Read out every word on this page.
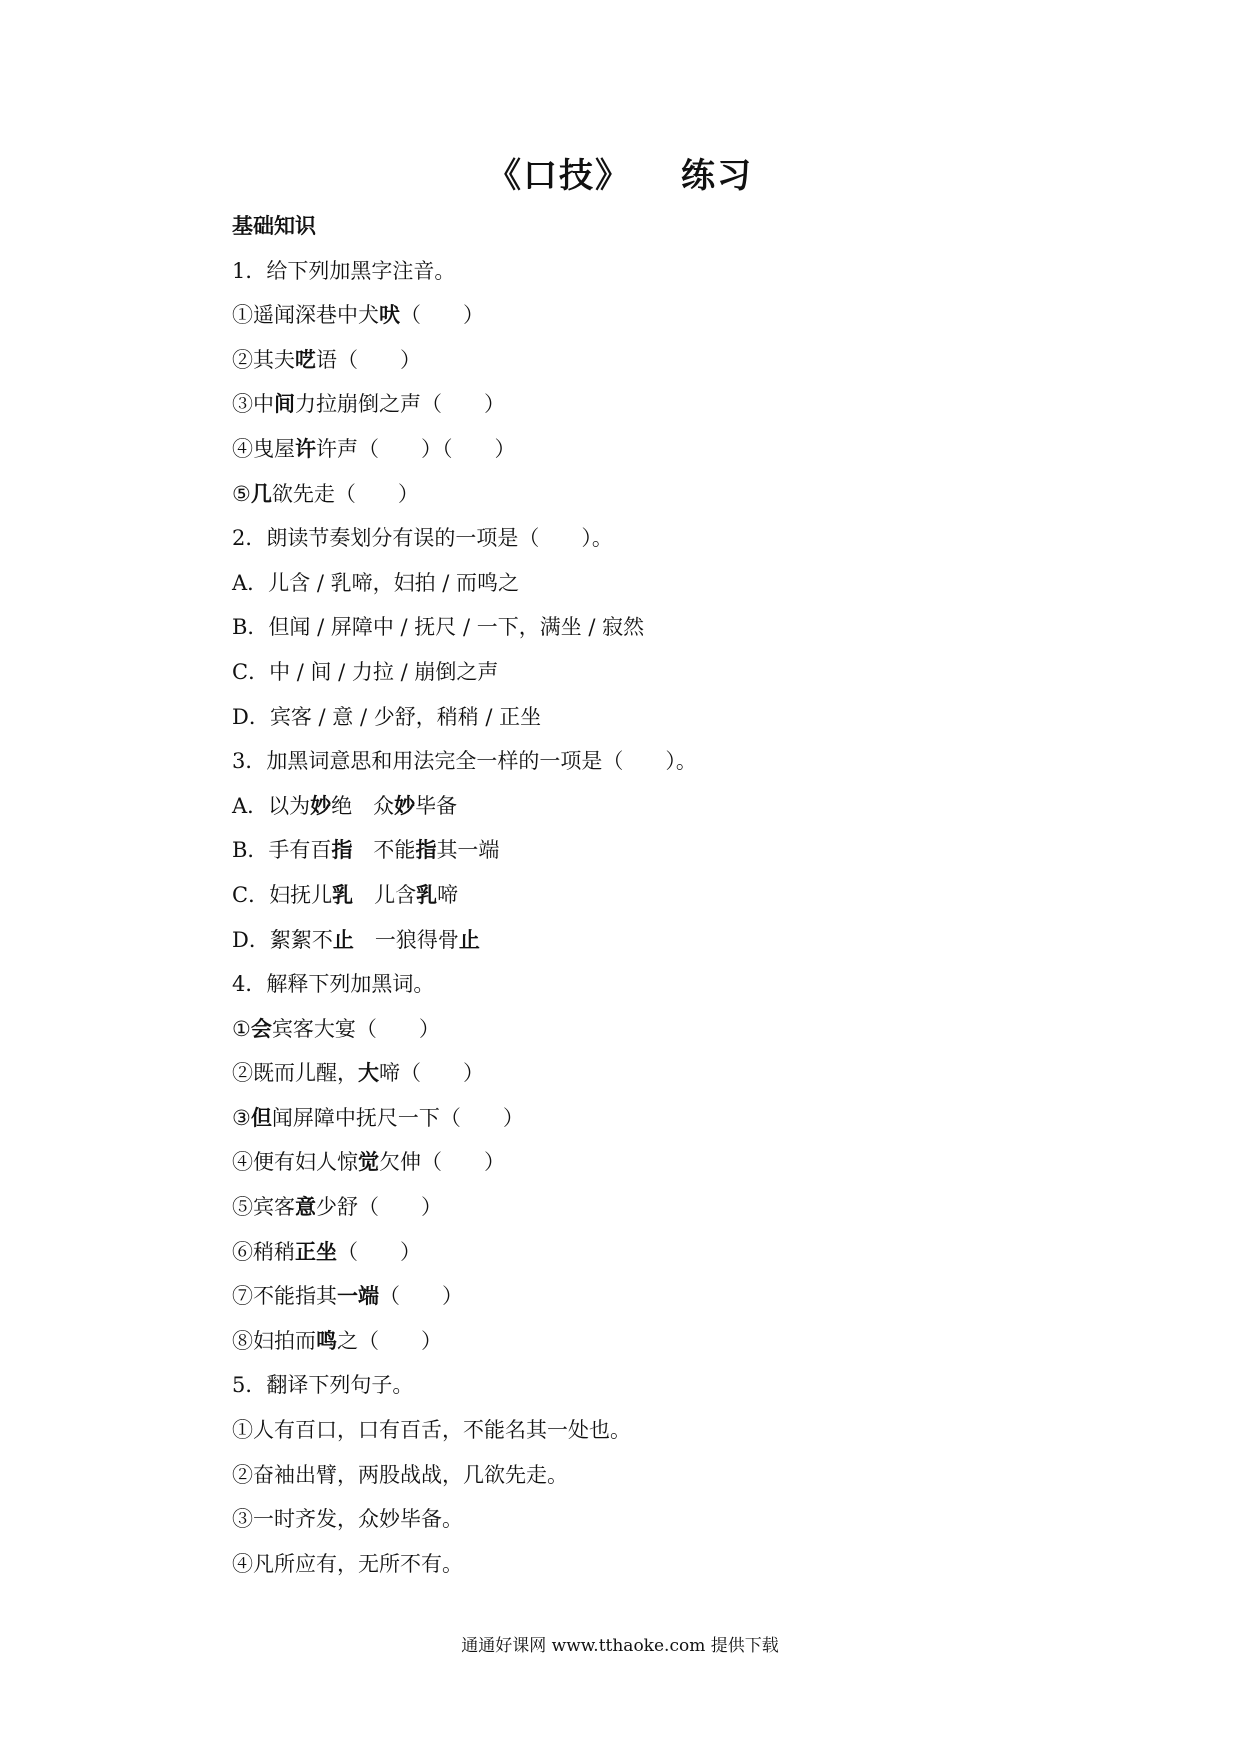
《口技》 练习
基础知识
1．给下列加黑字注音。
①遥闻深巷中犬吠（　　）
②其夫呓语（　　）
③中间力拉崩倒之声（　　）
④曳屋许许声（　　）（　　）
⑤几欲先走（　　）
2．朗读节奏划分有误的一项是（　　）。
A．儿含 / 乳啼，妇拍 / 而鸣之
B．但闻 / 屏障中 / 抚尺 / 一下，满坐 / 寂然
C．中 / 间 / 力拉 / 崩倒之声
D．宾客 / 意 / 少舒，稍稍 / 正坐
3．加黑词意思和用法完全一样的一项是（　　）。
A．以为妙绝　众妙毕备
B．手有百指　不能指其一端
C．妇抚儿乳　儿含乳啼
D．絮絮不止　一狼得骨止
4．解释下列加黑词。
①会宾客大宴（　　）
②既而儿醒，大啼（　　）
③但闻屏障中抚尺一下（　　）
④便有妇人惊觉欠伸（　　）
⑤宾客意少舒（　　）
⑥稍稍正坐（　　）
⑦不能指其一端（　　）
⑧妇拍而鸣之（　　）
5．翻译下列句子。
①人有百口，口有百舌，不能名其一处也。
②奋袖出臂，两股战战，几欲先走。
③一时齐发，众妙毕备。
④凡所应有，无所不有。
通通好课网 www.tthaoke.com 提供下载
